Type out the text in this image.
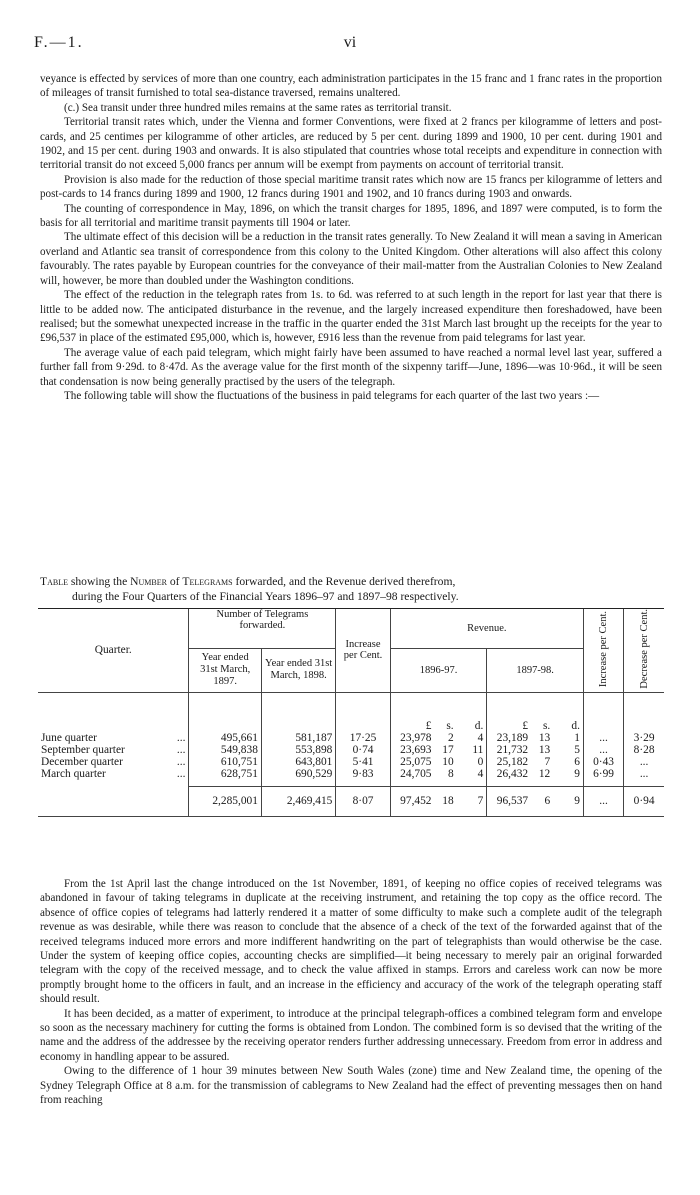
F.—1.	vi

veyance is effected by services of more than one country, each administration participates in the 15 franc and 1 franc rates in the proportion of mileages of transit furnished to total sea-distance traversed, remains unaltered.

(c.) Sea transit under three hundred miles remains at the same rates as territorial transit.

Territorial transit rates which, under the Vienna and former Conventions, were fixed at 2 francs per kilogramme of letters and post-cards, and 25 centimes per kilogramme of other articles, are reduced by 5 per cent. during 1899 and 1900, 10 per cent. during 1901 and 1902, and 15 per cent. during 1903 and onwards. It is also stipulated that countries whose total receipts and expenditure in connection with territorial transit do not exceed 5,000 francs per annum will be exempt from payments on account of territorial transit.

Provision is also made for the reduction of those special maritime transit rates which now are 15 francs per kilogramme of letters and post-cards to 14 francs during 1899 and 1900, 12 francs during 1901 and 1902, and 10 francs during 1903 and onwards.

The counting of correspondence in May, 1896, on which the transit charges for 1895, 1896, and 1897 were computed, is to form the basis for all territorial and maritime transit payments till 1904 or later.

The ultimate effect of this decision will be a reduction in the transit rates generally. To New Zealand it will mean a saving in American overland and Atlantic sea transit of correspondence from this colony to the United Kingdom. Other alterations will also affect this colony favourably. The rates payable by European countries for the conveyance of their mail-matter from the Australian Colonies to New Zealand will, however, be more than doubled under the Washington conditions.

The effect of the reduction in the telegraph rates from 1s. to 6d. was referred to at such length in the report for last year that there is little to be added now. The anticipated disturbance in the revenue, and the largely increased expenditure then foreshadowed, have been realised; but the somewhat unexpected increase in the traffic in the quarter ended the 31st March last brought up the receipts for the year to £96,537 in place of the estimated £95,000, which is, however, £916 less than the revenue from paid telegrams for last year.

The average value of each paid telegram, which might fairly have been assumed to have reached a normal level last year, suffered a further fall from 9·29d. to 8·47d. As the average value for the first month of the sixpenny tariff—June, 1896—was 10·96d., it will be seen that condensation is now being generally practised by the users of the telegraph.

The following table will show the fluctuations of the business in paid telegrams for each quarter of the last two years :—

Table showing the Number of Telegrams forwarded, and the Revenue derived therefrom,
during the Four Quarters of the Financial Years 1896–97 and 1897–98 respectively.
Quarter.	Number of Telegrams forwarded.		Increase per Cent.	Revenue.						Increase per Cent.	Decrease per Cent.
	Year ended 31st March, 1897.	Year ended 31st March, 1898.		1896-97.			1897-98.				
				£	s.	d.	£	s.	d.		
June quarter ...	495,661	581,187	17·25	23,978	2	4	23,189	13	1	...	3·29
September quarter ...	549,838	553,898	0·74	23,693	17	11	21,732	13	5	...	8·28
December quarter ...	610,751	643,801	5·41	25,075	10	0	25,182	7	6	0·43	...
March quarter ...	628,751	690,529	9·83	24,705	8	4	26,432	12	9	6·99	...
	2,285,001	2,469,415	8·07	97,452	18	7	96,537	6	9	...	0·94

From the 1st April last the change introduced on the 1st November, 1891, of keeping no office copies of received telegrams was abandoned in favour of taking telegrams in duplicate at the receiving instrument, and retaining the top copy as the office record. The absence of office copies of telegrams had latterly rendered it a matter of some difficulty to make such a complete audit of the telegraph revenue as was desirable, while there was reason to conclude that the absence of a check of the text of the forwarded against that of the received telegrams induced more errors and more indifferent handwriting on the part of telegraphists than would otherwise be the case. Under the system of keeping office copies, accounting checks are simplified—it being necessary to merely pair an original forwarded telegram with the copy of the received message, and to check the value affixed in stamps. Errors and careless work can now be more promptly brought home to the officers in fault, and an increase in the efficiency and accuracy of the work of the telegraph operating staff should result.

It has been decided, as a matter of experiment, to introduce at the principal telegraph-offices a combined telegram form and envelope so soon as the necessary machinery for cutting the forms is obtained from London. The combined form is so devised that the writing of the name and the address of the addressee by the receiving operator renders further addressing unnecessary. Freedom from error in address and economy in handling appear to be assured.

Owing to the difference of 1 hour 39 minutes between New South Wales (zone) time and New Zealand time, the opening of the Sydney Telegraph Office at 8 a.m. for the transmission of cablegrams to New Zealand had the effect of preventing messages then on hand from reaching
